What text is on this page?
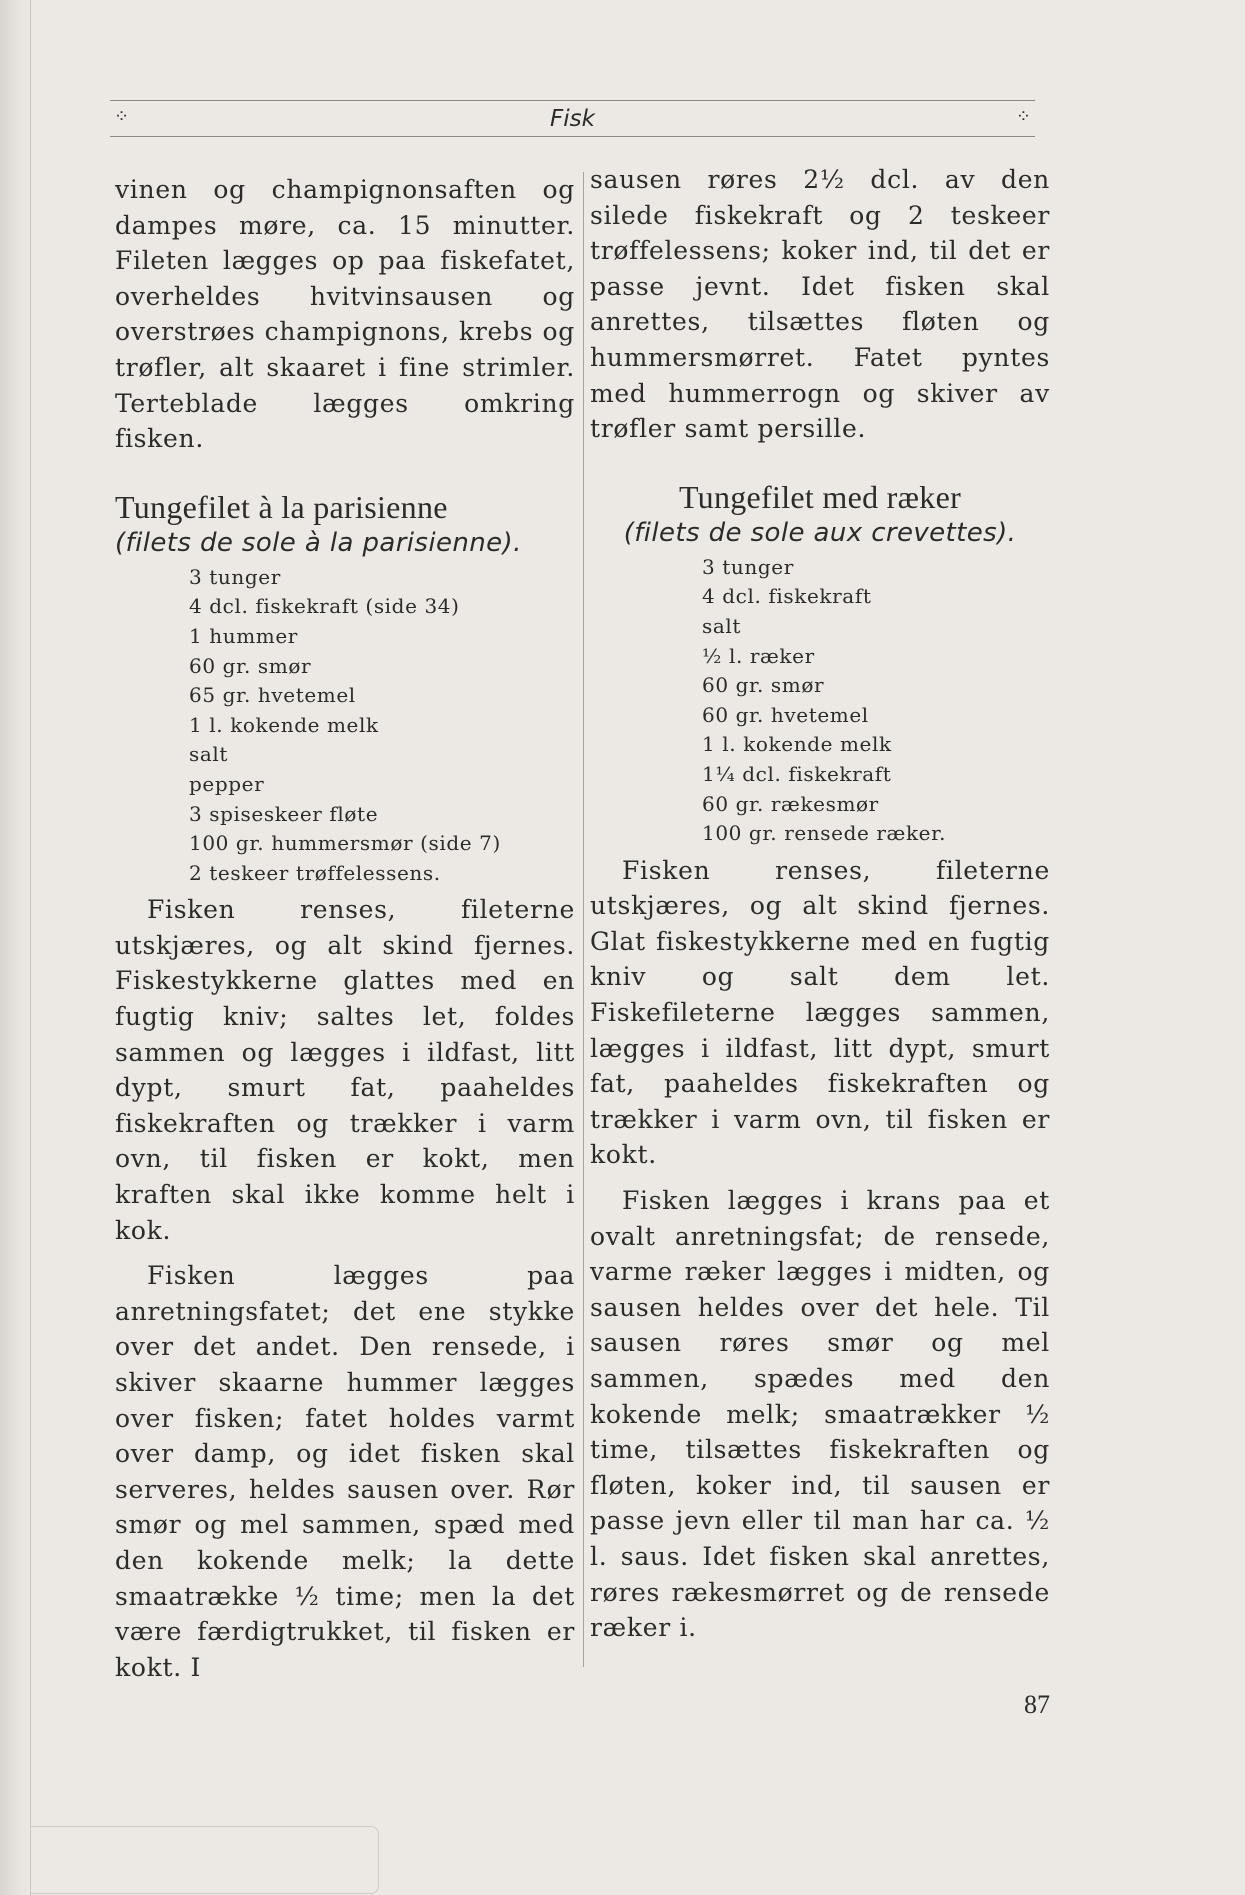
⁘	Fisk	⁘

vinen og champignonsaften og dampes møre, ca. 15 minutter. Fileten lægges op paa fiskefatet, overheldes hvitvinsausen og overstrøes champignons, krebs og trøfler, alt skaaret i fine strimler. Terteblade lægges omkring fisken.

Tungefilet à la parisienne
(filets de sole à la parisienne).
3 tunger
4 dcl. fiskekraft (side 34)
1 hummer
60 gr. smør
65 gr. hvetemel
1 l. kokende melk
salt
pepper
3 spiseskeer fløte
100 gr. hummersmør (side 7)
2 teskeer trøffelessens.

Fisken renses, fileterne utskjæres, og alt skind fjernes. Fiskestykkerne glattes med en fugtig kniv; saltes let, foldes sammen og lægges i ildfast, litt dypt, smurt fat, paaheldes fiskekraften og trækker i varm ovn, til fisken er kokt, men kraften skal ikke komme helt i kok.

Fisken lægges paa anretningsfatet; det ene stykke over det andet. Den rensede, i skiver skaarne hummer lægges over fisken; fatet holdes varmt over damp, og idet fisken skal serveres, heldes sausen over. Rør smør og mel sammen, spæd med den kokende melk; la dette smaatrække ½ time; men la det være færdigtrukket, til fisken er kokt. I

sausen røres 2½ dcl. av den silede fiskekraft og 2 teskeer trøffelessens; koker ind, til det er passe jevnt. Idet fisken skal anrettes, tilsættes fløten og hummersmørret. Fatet pyntes med hummerrogn og skiver av trøfler samt persille.

Tungefilet med ræker
(filets de sole aux crevettes).
3 tunger
4 dcl. fiskekraft
salt
½ l. ræker
60 gr. smør
60 gr. hvetemel
1 l. kokende melk
1¼ dcl. fiskekraft
60 gr. rækesmør
100 gr. rensede ræker.

Fisken renses, fileterne utskjæres, og alt skind fjernes. Glat fiskestykkerne med en fugtig kniv og salt dem let. Fiskefileterne lægges sammen, lægges i ildfast, litt dypt, smurt fat, paaheldes fiskekraften og trækker i varm ovn, til fisken er kokt.

Fisken lægges i krans paa et ovalt anretningsfat; de rensede, varme ræker lægges i midten, og sausen heldes over det hele. Til sausen røres smør og mel sammen, spædes med den kokende melk; smaatrækker ½ time, tilsættes fiskekraften og fløten, koker ind, til sausen er passe jevn eller til man har ca. ½ l. saus. Idet fisken skal anrettes, røres rækesmørret og de rensede ræker i.

87
